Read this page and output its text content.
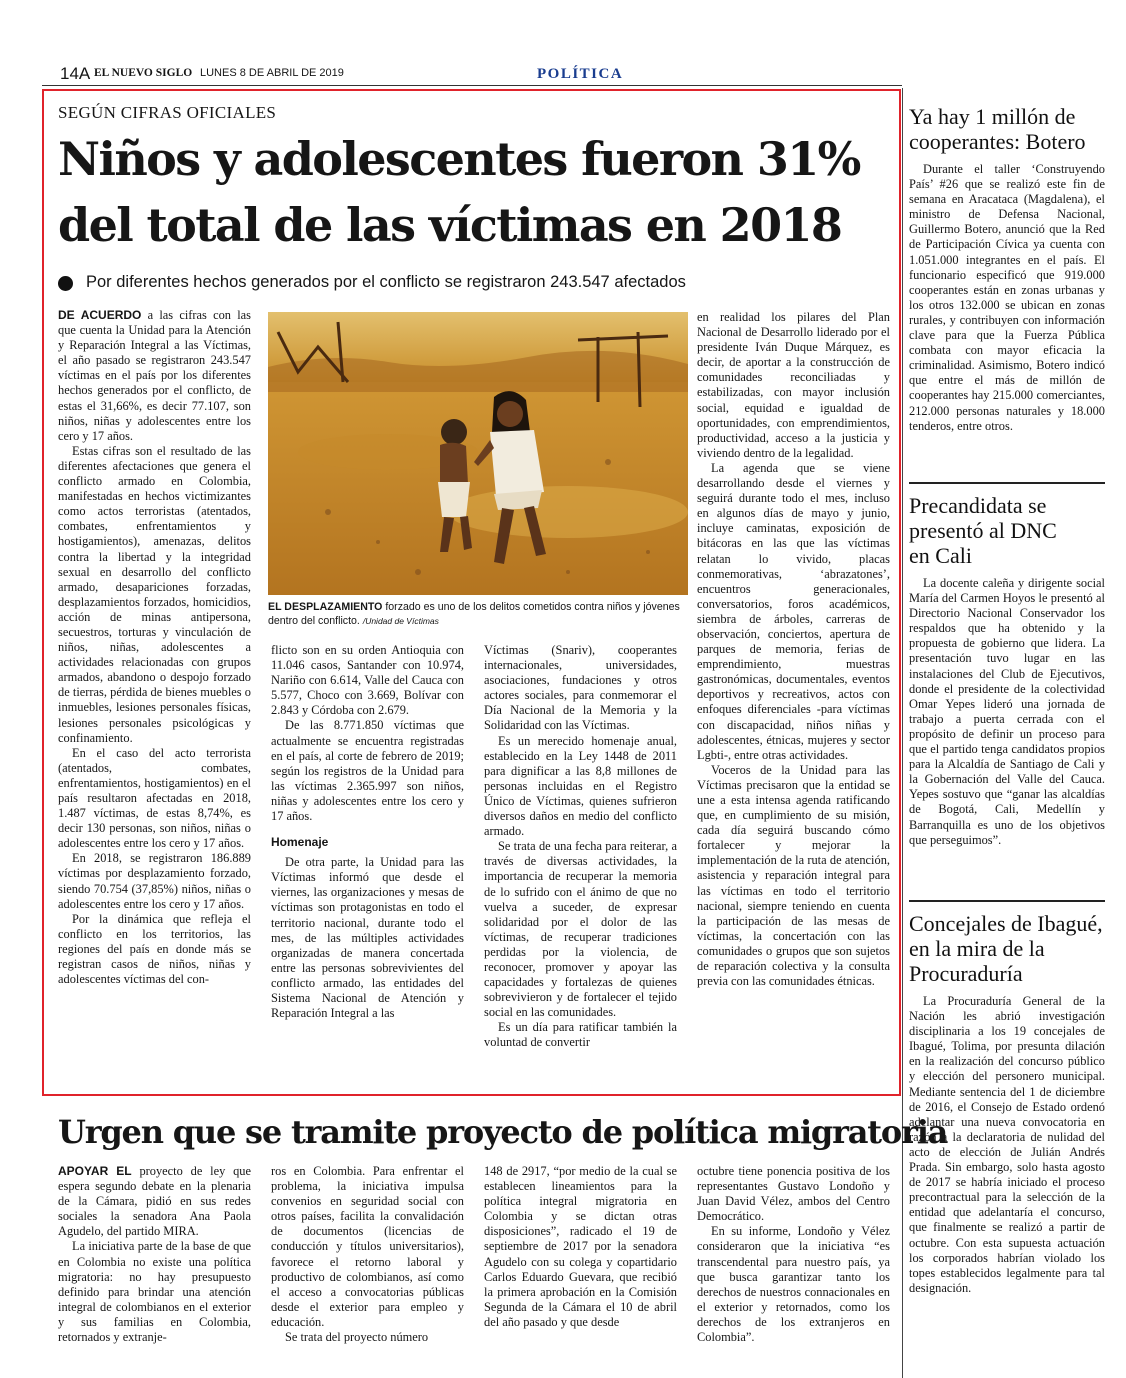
14A EL NUEVO SIGLO LUNES 8 DE ABRIL DE 2019	POLÍTICA
SEGÚN CIFRAS OFICIALES
Niños y adolescentes fueron 31%
del total de las víctimas en 2018
Por diferentes hechos generados por el conflicto se registraron 243.547 afectados

DE ACUERDO a las cifras con las que cuenta la Unidad para la Atención y Reparación Integral a las Víctimas, el año pasado se registraron 243.547 víctimas en el país por los diferentes hechos generados por el conflicto, de estas el 31,66%, es decir 77.107, son niños, niñas y adolescentes entre los cero y 17 años.

Estas cifras son el resultado de las diferentes afectaciones que genera el conflicto armado en Colombia, manifestadas en hechos victimizantes como actos terroristas (atentados, combates, enfrentamientos y hostigamientos), amenazas, delitos contra la libertad y la integridad sexual en desarrollo del conflicto armado, desapariciones forzadas, desplazamientos forzados, homicidios, acción de minas antipersona, secuestros, torturas y vinculación de niños, niñas, adolescentes a actividades relacionadas con grupos armados, abandono o despojo forzado de tierras, pérdida de bienes muebles o inmuebles, lesiones personales físicas, lesiones personales psicológicas y confinamiento.

En el caso del acto terrorista (atentados, combates, enfrentamientos, hostigamientos) en el país resultaron afectadas en 2018, 1.487 víctimas, de estas 8,74%, es decir 130 personas, son niños, niñas o adolescentes entre los cero y 17 años.

En 2018, se registraron 186.889 víctimas por desplazamiento forzado, siendo 70.754 (37,85%) niños, niñas o adolescentes entre los cero y 17 años.

Por la dinámica que refleja el conflicto en los territorios, las regiones del país en donde más se registran casos de niños, niñas y adolescentes víctimas del con-

EL DESPLAZAMIENTO forzado es uno de los delitos cometidos contra niños y jóvenes dentro del conflicto. /Unidad de Víctimas

flicto son en su orden Antioquia con 11.046 casos, Santander con 10.974, Nariño con 6.614, Valle del Cauca con 5.577, Choco con 3.669, Bolívar con 2.843 y Córdoba con 2.679.

De las 8.771.850 víctimas que actualmente se encuentra registradas en el país, al corte de febrero de 2019; según los registros de la Unidad para las víctimas 2.365.997 son niños, niñas y adolescentes entre los cero y 17 años.

Homenaje

De otra parte, la Unidad para las Víctimas informó que desde el viernes, las organizaciones y mesas de víctimas son protagonistas en todo el territorio nacional, durante todo el mes, de las múltiples actividades organizadas de manera concertada entre las personas sobrevivientes del conflicto armado, las entidades del Sistema Nacional de Atención y Reparación Integral a las

Víctimas (Snariv), cooperantes internacionales, universidades, asociaciones, fundaciones y otros actores sociales, para conmemorar el Día Nacional de la Memoria y la Solidaridad con las Víctimas.

Es un merecido homenaje anual, establecido en la Ley 1448 de 2011 para dignificar a las 8,8 millones de personas incluidas en el Registro Único de Víctimas, quienes sufrieron diversos daños en medio del conflicto armado.

Se trata de una fecha para reiterar, a través de diversas actividades, la importancia de recuperar la memoria de lo sufrido con el ánimo de que no vuelva a suceder, de expresar solidaridad por el dolor de las víctimas, de recuperar tradiciones perdidas por la violencia, de reconocer, promover y apoyar las capacidades y fortalezas de quienes sobrevivieron y de fortalecer el tejido social en las comunidades.

Es un día para ratificar también la voluntad de convertir

en realidad los pilares del Plan Nacional de Desarrollo liderado por el presidente Iván Duque Márquez, es decir, de aportar a la construcción de comunidades reconciliadas y estabilizadas, con mayor inclusión social, equidad e igualdad de oportunidades, con emprendimientos, productividad, acceso a la justicia y viviendo dentro de la legalidad.

La agenda que se viene desarrollando desde el viernes y seguirá durante todo el mes, incluso en algunos días de mayo y junio, incluye caminatas, exposición de bitácoras en las que las víctimas relatan lo vivido, placas conmemorativas, ‘abrazatones’, encuentros generacionales, conversatorios, foros académicos, siembra de árboles, carreras de observación, conciertos, apertura de parques de memoria, ferias de emprendimiento, muestras gastronómicas, documentales, eventos deportivos y recreativos, actos con enfoques diferenciales -para víctimas con discapacidad, niños niñas y adolescentes, étnicas, mujeres y sector Lgbti-, entre otras actividades.

Voceros de la Unidad para las Víctimas precisaron que la entidad se une a esta intensa agenda ratificando que, en cumplimiento de su misión, cada día seguirá buscando cómo fortalecer y mejorar la implementación de la ruta de atención, asistencia y reparación integral para las víctimas en todo el territorio nacional, siempre teniendo en cuenta la participación de las mesas de víctimas, la concertación con las comunidades o grupos que son sujetos de reparación colectiva y la consulta previa con las comunidades étnicas.

Ya hay 1 millón de cooperantes: Botero

Durante el taller ‘Construyendo País’ #26 que se realizó este fin de semana en Aracataca (Magdalena), el ministro de Defensa Nacional, Guillermo Botero, anunció que la Red de Participación Cívica ya cuenta con 1.051.000 integrantes en el país. El funcionario especificó que 919.000 cooperantes están en zonas urbanas y los otros 132.000 se ubican en zonas rurales, y contribuyen con información clave para que la Fuerza Pública combata con mayor eficacia la criminalidad. Asimismo, Botero indicó que entre el más de millón de cooperantes hay 215.000 comerciantes, 212.000 personas naturales y 18.000 tenderos, entre otros.

Precandidata se presentó al DNC en Cali

La docente caleña y dirigente social María del Carmen Hoyos le presentó al Directorio Nacional Conservador los respaldos que ha obtenido y la propuesta de gobierno que lidera. La presentación tuvo lugar en las instalaciones del Club de Ejecutivos, donde el presidente de la colectividad Omar Yepes lideró una jornada de trabajo a puerta cerrada con el propósito de definir un proceso para que el partido tenga candidatos propios para la Alcaldía de Santiago de Cali y la Gobernación del Valle del Cauca. Yepes sostuvo que “ganar las alcaldías de Bogotá, Cali, Medellín y Barranquilla es uno de los objetivos que perseguimos”.

Concejales de Ibagué, en la mira de la Procuraduría

La Procuraduría General de la Nación les abrió investigación disciplinaria a los 19 concejales de Ibagué, Tolima, por presunta dilación en la realización del concurso público y elección del personero municipal. Mediante sentencia del 1 de diciembre de 2016, el Consejo de Estado ordenó adelantar una nueva convocatoria en razón a la declaratoria de nulidad del acto de elección de Julián Andrés Prada. Sin embargo, solo hasta agosto de 2017 se habría iniciado el proceso precontractual para la selección de la entidad que adelantaría el concurso, que finalmente se realizó a partir de octubre. Con esta supuesta actuación los corporados habrían violado los topes establecidos legalmente para tal designación.

Urgen que se tramite proyecto de política migratoria

APOYAR EL proyecto de ley que espera segundo debate en la plenaria de la Cámara, pidió en sus redes sociales la senadora Ana Paola Agudelo, del partido MIRA.

La iniciativa parte de la base de que en Colombia no existe una política migratoria: no hay presupuesto definido para brindar una atención integral de colombianos en el exterior y sus familias en Colombia, retornados y extranje-

ros en Colombia. Para enfrentar el problema, la iniciativa impulsa convenios en seguridad social con otros países, facilita la convalidación de documentos (licencias de conducción y títulos universitarios), favorece el retorno laboral y productivo de colombianos, así como el acceso a convocatorias públicas desde el exterior para empleo y educación.

Se trata del proyecto número

148 de 2917, “por medio de la cual se establecen lineamientos para la política integral migratoria en Colombia y se dictan otras disposiciones”, radicado el 19 de septiembre de 2017 por la senadora Agudelo con su colega y copartidario Carlos Eduardo Guevara, que recibió la primera aprobación en la Comisión Segunda de la Cámara el 10 de abril del año pasado y que desde

octubre tiene ponencia positiva de los representantes Gustavo Londoño y Juan David Vélez, ambos del Centro Democrático.

En su informe, Londoño y Vélez consideraron que la iniciativa “es transcendental para nuestro país, ya que busca garantizar tanto los derechos de nuestros connacionales en el exterior y retornados, como los derechos de los extranjeros en Colombia”.
